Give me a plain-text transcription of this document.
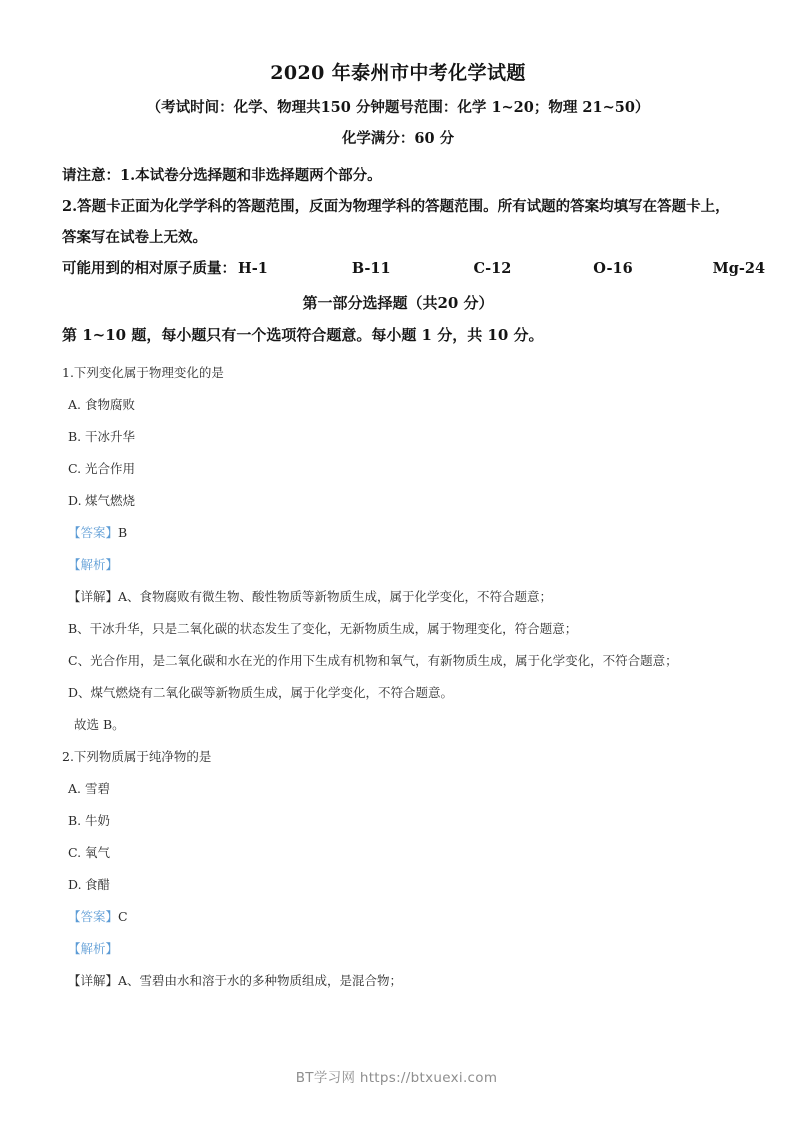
2020 年泰州市中考化学试题
（考试时间：化学、物理共150 分钟题号范围：化学 1~20；物理 21~50）
化学满分：60 分

请注意：1.本试卷分选择题和非选择题两个部分。

2.答题卡正面为化学学科的答题范围，反面为物理学科的答题范围。所有试题的答案均填写在答题卡上，答案写在试卷上无效。

可能用到的相对原子质量： H-1	B-11	C-12	O-16	Mg-24
第一部分选择题（共20 分）
第 1~10 题，每小题只有一个选项符合题意。每小题 1 分，共 10 分。

1.下列变化属于物理变化的是

A. 食物腐败

B. 干冰升华

C. 光合作用

D. 煤气燃烧

【答案】B

【解析】

【详解】A、食物腐败有微生物、酸性物质等新物质生成，属于化学变化，不符合题意；

B、干冰升华，只是二氧化碳的状态发生了变化，无新物质生成，属于物理变化，符合题意；

C、光合作用，是二氧化碳和水在光的作用下生成有机物和氧气，有新物质生成，属于化学变化，不符合题意；

D、煤气燃烧有二氧化碳等新物质生成，属于化学变化，不符合题意。

故选 B。

2.下列物质属于纯净物的是

A. 雪碧

B. 牛奶

C. 氧气

D. 食醋

【答案】C

【解析】

【详解】A、雪碧由水和溶于水的多种物质组成，是混合物；

BT学习网 https://btxuexi.com
